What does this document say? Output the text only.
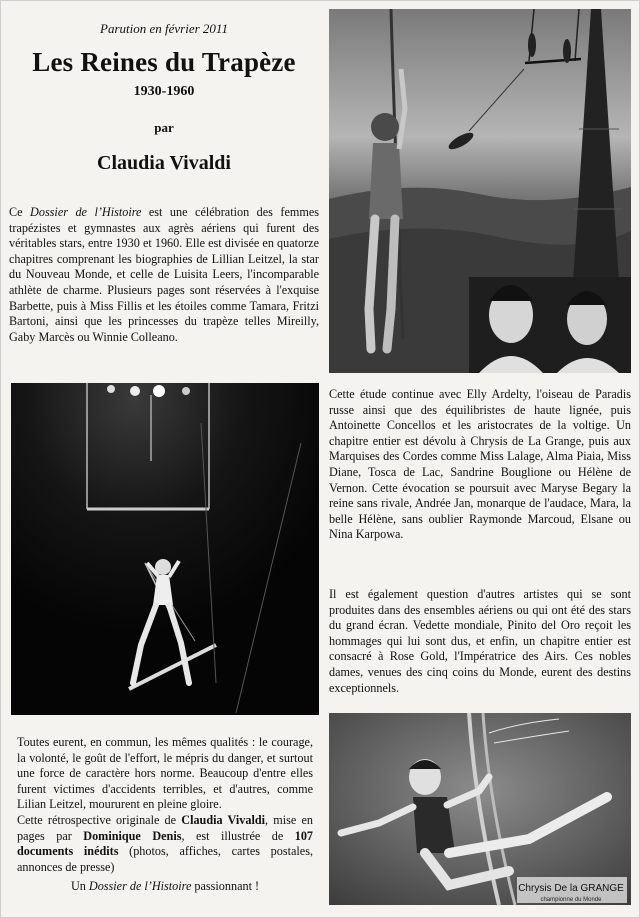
Parution en février 2011
Les Reines du Trapèze
1930-1960
par
Claudia Vivaldi

Ce Dossier de l’Histoire est une célébration des femmes trapézistes et gymnastes aux agrès aériens qui furent des véritables stars, entre 1930 et 1960. Elle est divisée en quatorze chapitres comprenant les biographies de Lillian Leitzel, la star du Nouveau Monde, et celle de Luisita Leers, l'incomparable athlète de charme. Plusieurs pages sont réservées à l'exquise Barbette, puis à Miss Fillis et les étoiles comme Tamara, Fritzi Bartoni, ainsi que les princesses du trapèze telles Mireilly, Gaby Marcès ou Winnie Colleano.

Toutes eurent, en commun, les mêmes qualités : le courage, la volonté, le goût de l'effort, le mépris du danger, et surtout une force de caractère hors norme. Beaucoup d'entre elles furent victimes d'accidents terribles, et d'autres, comme Lilian Leitzel, moururent en pleine gloire.

Cette rétrospective originale de Claudia Vivaldi, mise en pages par Dominique Denis, est illustrée de 107 documents inédits (photos, affiches, cartes postales, annonces de presse)

Un Dossier de l’Histoire passionnant !

Cette étude continue avec Elly Ardelty, l'oiseau de Paradis russe ainsi que des équilibristes de haute lignée, puis Antoinette Concellos et les aristocrates de la voltige. Un chapitre entier est dévolu à Chrysis de La Grange, puis aux Marquises des Cordes comme Miss Lalage, Alma Piaia, Miss Diane, Tosca de Lac, Sandrine Bouglione ou Hélène de Vernon. Cette évocation se poursuit avec Maryse Begary la reine sans rivale, Andrée Jan, monarque de l'audace, Mara, la belle Hélène, sans oublier Raymonde Marcoud, Elsane ou Nina Karpowa.

Il est également question d'autres artistes qui se sont produites dans des ensembles aériens ou qui ont été des stars du grand écran. Vedette mondiale, Pinito del Oro reçoit les hommages qui lui sont dus, et enfin, un chapitre entier est consacré à Rose Gold, l'Impératrice des Airs. Ces nobles dames, venues des cinq coins du Monde, eurent des destins exceptionnels.

Chrysis De la GRANGE
championne du Monde
